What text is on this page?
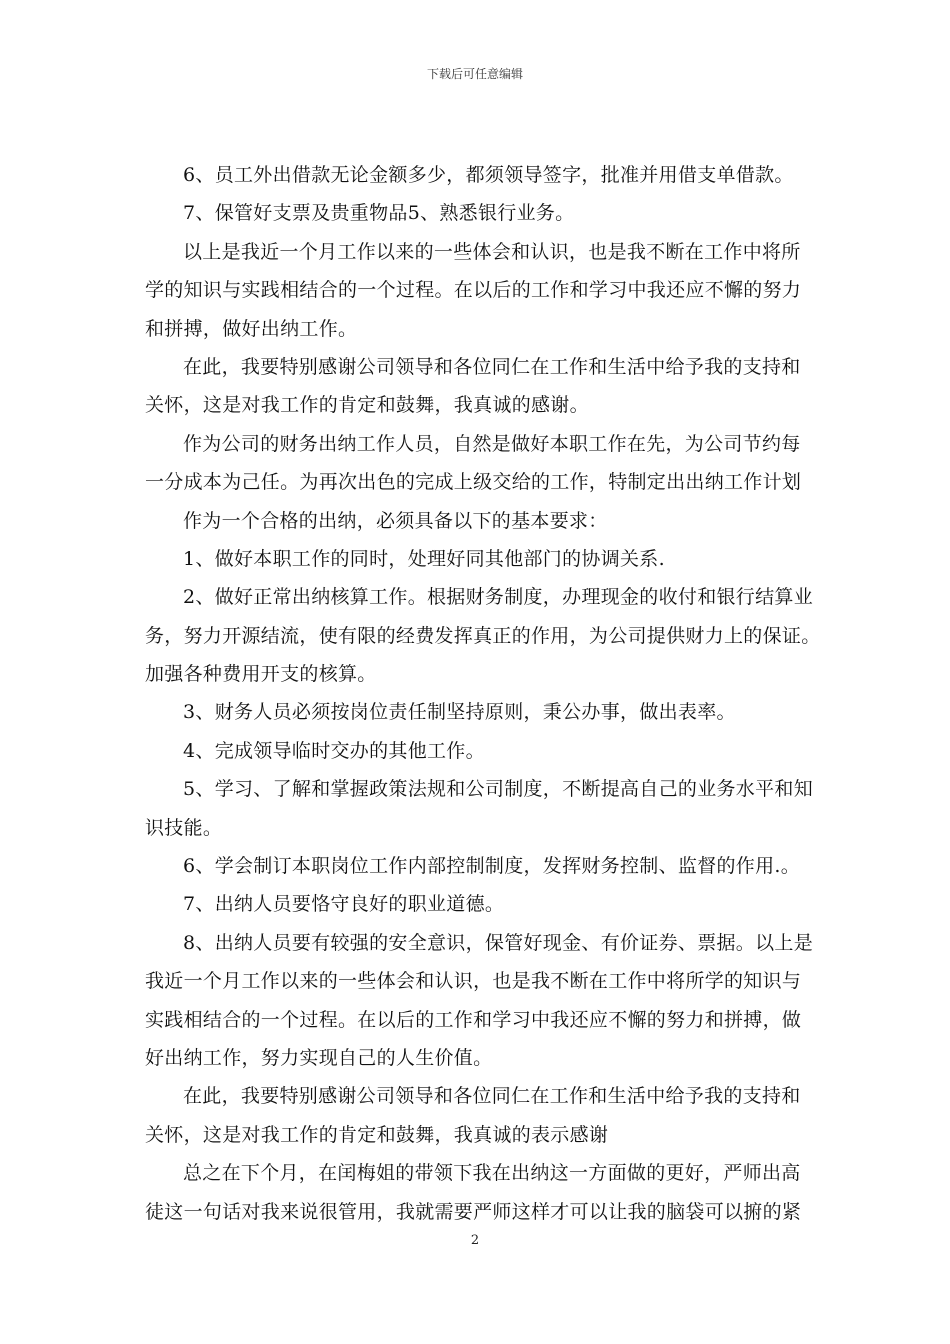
下载后可任意编辑
6、员工外出借款无论金额多少，都须领导签字，批准并用借支单借款。
7、保管好支票及贵重物品5、熟悉银行业务。
以上是我近一个月工作以来的一些体会和认识，也是我不断在工作中将所
学的知识与实践相结合的一个过程。在以后的工作和学习中我还应不懈的努力
和拼搏，做好出纳工作。
在此，我要特别感谢公司领导和各位同仁在工作和生活中给予我的支持和
关怀，这是对我工作的肯定和鼓舞，我真诚的感谢。
作为公司的财务出纳工作人员，自然是做好本职工作在先，为公司节约每
一分成本为己任。为再次出色的完成上级交给的工作，特制定出出纳工作计划
作为一个合格的出纳，必须具备以下的基本要求：
1、做好本职工作的同时，处理好同其他部门的协调关系.
2、做好正常出纳核算工作。根据财务制度，办理现金的收付和银行结算业
务，努力开源结流，使有限的经费发挥真正的作用，为公司提供财力上的保证。
加强各种费用开支的核算。
3、财务人员必须按岗位责任制坚持原则，秉公办事，做出表率。
4、完成领导临时交办的其他工作。
5、学习、了解和掌握政策法规和公司制度，不断提高自己的业务水平和知
识技能。
6、学会制订本职岗位工作内部控制制度，发挥财务控制、监督的作用.。
7、出纳人员要恪守良好的职业道德。
8、出纳人员要有较强的安全意识，保管好现金、有价证券、票据。以上是
我近一个月工作以来的一些体会和认识，也是我不断在工作中将所学的知识与
实践相结合的一个过程。在以后的工作和学习中我还应不懈的努力和拼搏，做
好出纳工作，努力实现自己的人生价值。
在此，我要特别感谢公司领导和各位同仁在工作和生活中给予我的支持和
关怀，这是对我工作的肯定和鼓舞，我真诚的表示感谢
总之在下个月，在闰梅姐的带领下我在出纳这一方面做的更好，严师出高
徒这一句话对我来说很管用，我就需要严师这样才可以让我的脑袋可以捬的紧
2
